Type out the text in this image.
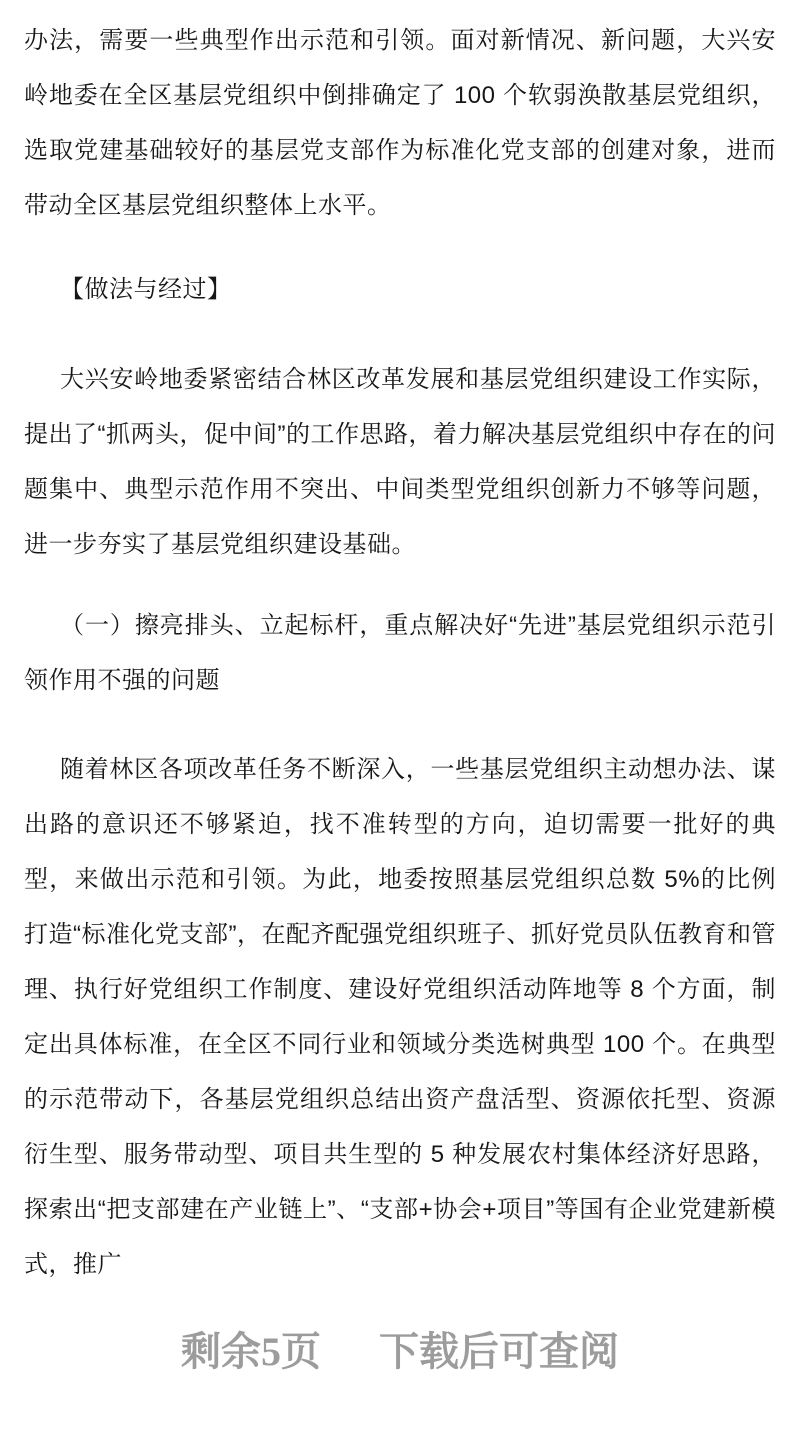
办法，需要一些典型作出示范和引领。面对新情况、新问题，大兴安岭地委在全区基层党组织中倒排确定了 100 个软弱涣散基层党组织，选取党建基础较好的基层党支部作为标准化党支部的创建对象，进而带动全区基层党组织整体上水平。

【做法与经过】

大兴安岭地委紧密结合林区改革发展和基层党组织建设工作实际，提出了“抓两头，促中间”的工作思路，着力解决基层党组织中存在的问题集中、典型示范作用不突出、中间类型党组织创新力不够等问题，进一步夯实了基层党组织建设基础。

（一）擦亮排头、立起标杆，重点解决好“先进”基层党组织示范引领作用不强的问题

随着林区各项改革任务不断深入，一些基层党组织主动想办法、谋出路的意识还不够紧迫，找不准转型的方向，迫切需要一批好的典型，来做出示范和引领。为此，地委按照基层党组织总数 5%的比例打造“标准化党支部”，在配齐配强党组织班子、抓好党员队伍教育和管理、执行好党组织工作制度、建设好党组织活动阵地等 8 个方面，制定出具体标准，在全区不同行业和领域分类选树典型 100 个。在典型的示范带动下，各基层党组织总结出资产盘活型、资源依托型、资源衍生型、服务带动型、项目共生型的 5 种发展农村集体经济好思路，探索出“把支部建在产业链上”、“支部+协会+项目”等国有企业党建新模式，推广

剩余5页 下载后可查阅
